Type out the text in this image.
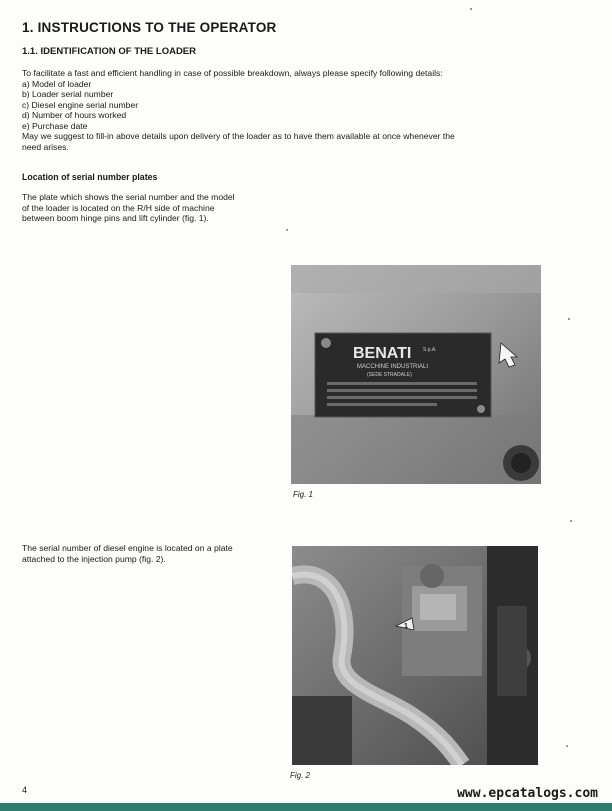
1. INSTRUCTIONS TO THE OPERATOR
1.1. IDENTIFICATION OF THE LOADER
To facilitate a fast and efficient handling in case of possible breakdown, always please specify following details:
a) Model of loader
b) Loader serial number
c) Diesel engine serial number
d) Number of hours worked
e) Purchase date
May we suggest to fill-in above details upon delivery of the loader as to have them available at once whenever the
need arises.
Location of serial number plates
The plate which shows the serial number and the model
of the loader is located on the R/H side of machine
between boom hinge pins and lift cylinder (fig. 1).
BENATI S.p.A.
MACCHINE INDUSTRIALI
(SEDE STRADALE)
Fig. 1
The serial number of diesel engine is located on a plate
attached to the injection pump (fig. 2).
1
Fig. 2
4	www.epcatalogs.com
